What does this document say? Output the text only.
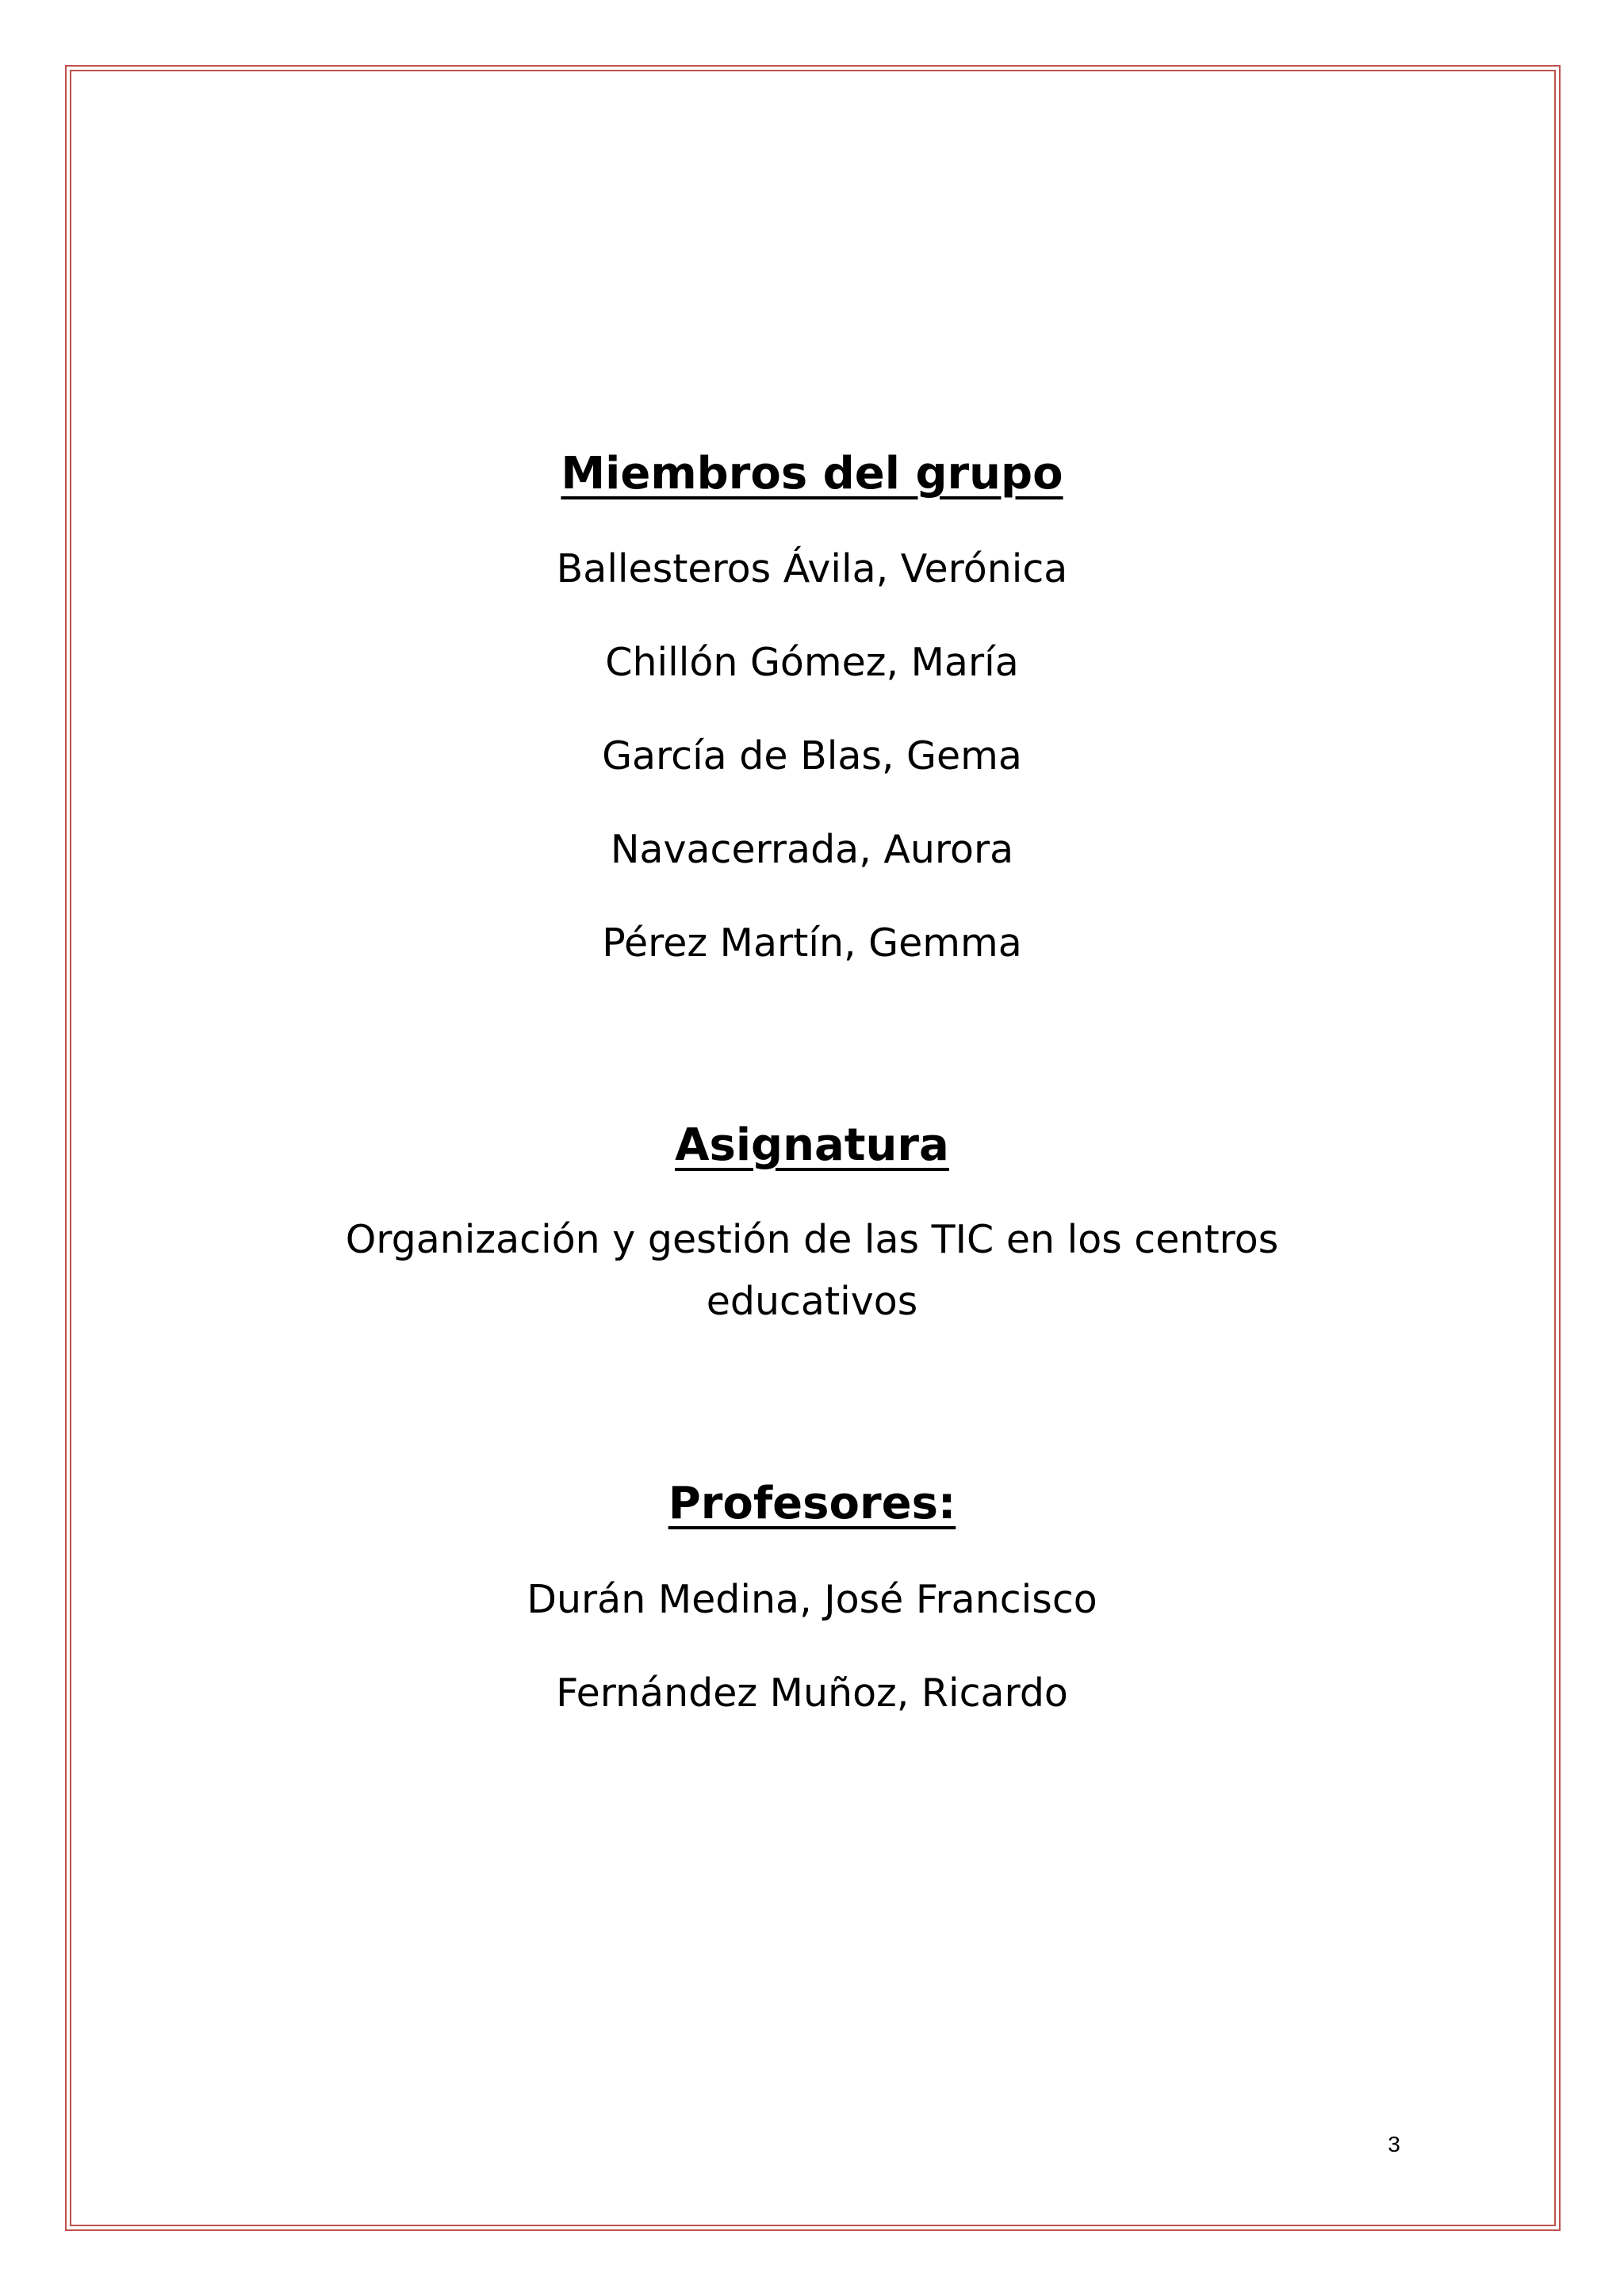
Miembros del grupo

Ballesteros Ávila, Verónica

Chillón Gómez, María

García de Blas, Gema

Navacerrada, Aurora

Pérez Martín, Gemma

Asignatura

Organización y gestión de las TIC en los centros

educativos

Profesores:

Durán Medina, José Francisco

Fernández Muñoz, Ricardo

3
